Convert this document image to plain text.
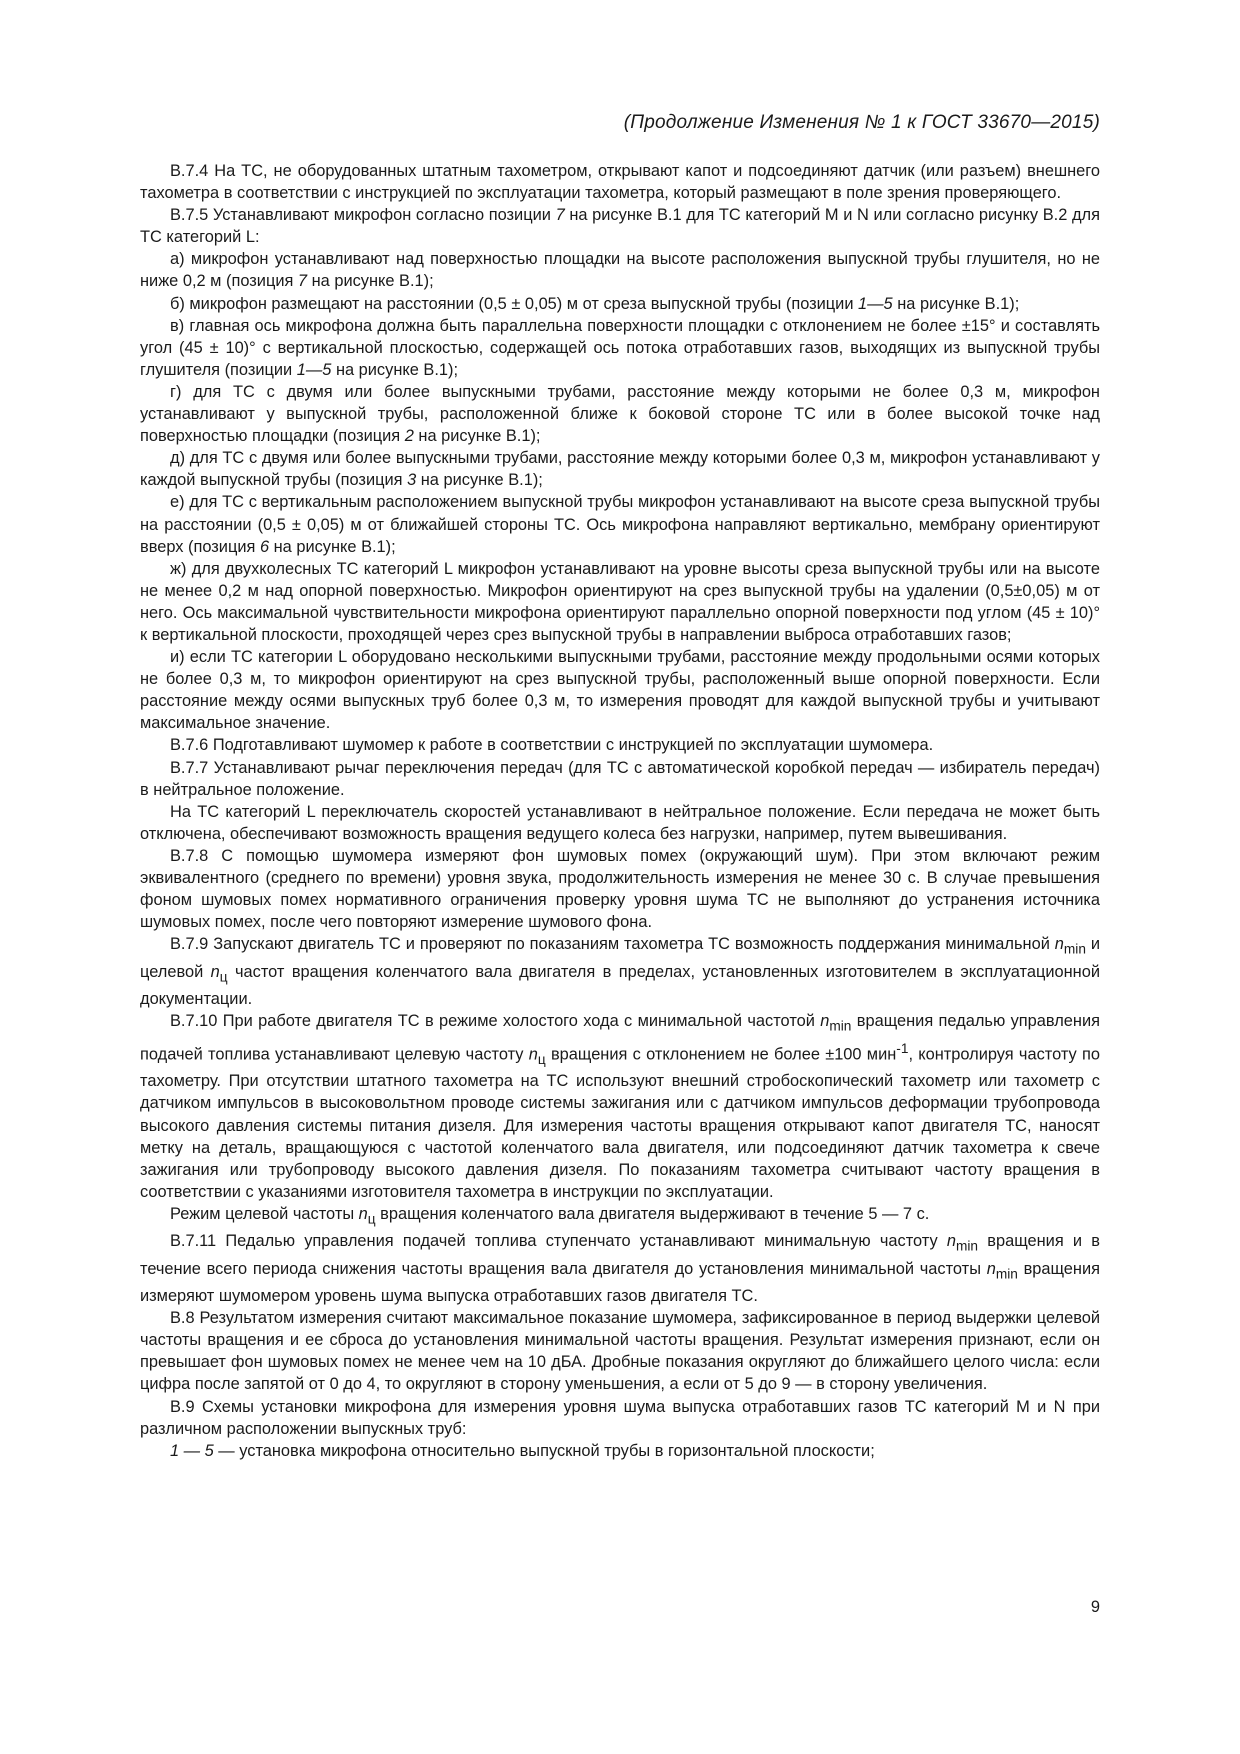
(Продолжение Изменения № 1 к ГОСТ 33670—2015)

В.7.4 На ТС, не оборудованных штатным тахометром, открывают капот и подсоединяют датчик (или разъем) внешнего тахометра в соответствии с инструкцией по эксплуатации тахометра, который размещают в поле зрения проверяющего.

В.7.5 Устанавливают микрофон согласно позиции 7 на рисунке В.1 для ТС категорий М и N или согласно рисунку В.2 для ТС категорий L:

а) микрофон устанавливают над поверхностью площадки на высоте расположения выпускной трубы глушителя, но не ниже 0,2 м (позиция 7 на рисунке В.1);

б) микрофон размещают на расстоянии (0,5 ± 0,05) м от среза выпускной трубы (позиции 1—5 на рисунке В.1);

в) главная ось микрофона должна быть параллельна поверхности площадки с отклонением не более ±15° и составлять угол (45 ± 10)° с вертикальной плоскостью, содержащей ось потока отработавших газов, выходящих из выпускной трубы глушителя (позиции 1—5 на рисунке В.1);

г) для ТС с двумя или более выпускными трубами, расстояние между которыми не более 0,3 м, микрофон устанавливают у выпускной трубы, расположенной ближе к боковой стороне ТС или в более высокой точке над поверхностью площадки (позиция 2 на рисунке В.1);

д) для ТС с двумя или более выпускными трубами, расстояние между которыми более 0,3 м, микрофон устанавливают у каждой выпускной трубы (позиция 3 на рисунке В.1);

е) для ТС с вертикальным расположением выпускной трубы микрофон устанавливают на высоте среза выпускной трубы на расстоянии (0,5 ± 0,05) м от ближайшей стороны ТС. Ось микрофона направляют вертикально, мембрану ориентируют вверх (позиция 6 на рисунке В.1);

ж) для двухколесных ТС категорий L микрофон устанавливают на уровне высоты среза выпускной трубы или на высоте не менее 0,2 м над опорной поверхностью. Микрофон ориентируют на срез выпускной трубы на удалении (0,5±0,05) м от него. Ось максимальной чувствительности микрофона ориентируют параллельно опорной поверхности под углом (45 ± 10)° к вертикальной плоскости, проходящей через срез выпускной трубы в направлении выброса отработавших газов;

и) если ТС категории L оборудовано несколькими выпускными трубами, расстояние между продольными осями которых не более 0,3 м, то микрофон ориентируют на срез выпускной трубы, расположенный выше опорной поверхности. Если расстояние между осями выпускных труб более 0,3 м, то измерения проводят для каждой выпускной трубы и учитывают максимальное значение.

В.7.6 Подготавливают шумомер к работе в соответствии с инструкцией по эксплуатации шумомера.

В.7.7 Устанавливают рычаг переключения передач (для ТС с автоматической коробкой передач — избиратель передач) в нейтральное положение.

На ТС категорий L переключатель скоростей устанавливают в нейтральное положение. Если передача не может быть отключена, обеспечивают возможность вращения ведущего колеса без нагрузки, например, путем вывешивания.

В.7.8 С помощью шумомера измеряют фон шумовых помех (окружающий шум). При этом включают режим эквивалентного (среднего по времени) уровня звука, продолжительность измерения не менее 30 с. В случае превышения фоном шумовых помех нормативного ограничения проверку уровня шума ТС не выполняют до устранения источника шумовых помех, после чего повторяют измерение шумового фона.

В.7.9 Запускают двигатель ТС и проверяют по показаниям тахометра ТС возможность поддержания минимальной $n_{min}$ и целевой $n_ц$ частот вращения коленчатого вала двигателя в пределах, установленных изготовителем в эксплуатационной документации.

В.7.10 При работе двигателя ТС в режиме холостого хода с минимальной частотой $n_{min}$ вращения педалью управления подачей топлива устанавливают целевую частоту $n_ц$ вращения с отклонением не более ±100 мин$^{-1}$, контролируя частоту по тахометру. При отсутствии штатного тахометра на ТС используют внешний стробоскопический тахометр или тахометр с датчиком импульсов в высоковольтном проводе системы зажигания или с датчиком импульсов деформации трубопровода высокого давления системы питания дизеля. Для измерения частоты вращения открывают капот двигателя ТС, наносят метку на деталь, вращающуюся с частотой коленчатого вала двигателя, или подсоединяют датчик тахометра к свече зажигания или трубопроводу высокого давления дизеля. По показаниям тахометра считывают частоту вращения в соответствии с указаниями изготовителя тахометра в инструкции по эксплуатации.

Режим целевой частоты $n_ц$ вращения коленчатого вала двигателя выдерживают в течение 5 — 7 с.

В.7.11 Педалью управления подачей топлива ступенчато устанавливают минимальную частоту $n_{min}$ вращения и в течение всего периода снижения частоты вращения вала двигателя до установления минимальной частоты $n_{min}$ вращения измеряют шумомером уровень шума выпуска отработавших газов двигателя ТС.

В.8 Результатом измерения считают максимальное показание шумомера, зафиксированное в период выдержки целевой частоты вращения и ее сброса до установления минимальной частоты вращения. Результат измерения признают, если он превышает фон шумовых помех не менее чем на 10 дБА. Дробные показания округляют до ближайшего целого числа: если цифра после запятой от 0 до 4, то округляют в сторону уменьшения, а если от 5 до 9 — в сторону увеличения.

В.9 Схемы установки микрофона для измерения уровня шума выпуска отработавших газов ТС категорий М и N при различном расположении выпускных труб:

1 — 5 — установка микрофона относительно выпускной трубы в горизонтальной плоскости;

9
